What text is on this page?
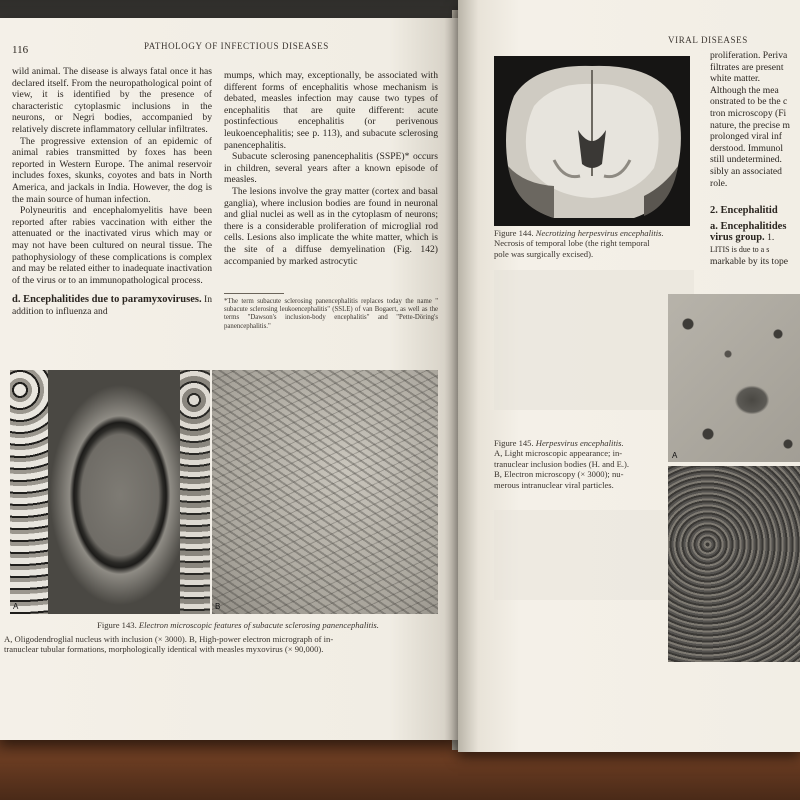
116	PATHOLOGY OF INFECTIOUS DISEASES

wild animal. The disease is always fatal once it has declared itself. From the neuropathological point of view, it is identified by the presence of characteristic cytoplasmic inclusions in the neurons, or Negri bodies, accompanied by relatively discrete inflammatory cellular infiltrates.

The progressive extension of an epidemic of animal rabies transmitted by foxes has been reported in Western Europe. The animal reservoir includes foxes, skunks, coyotes and bats in North America, and jackals in India. However, the dog is the main source of human infection.

Polyneuritis and encephalomyelitis have been reported after rabies vaccination with either the attenuated or the inactivated virus which may or may not have been cultured on neural tissue. The pathophysiology of these complications is complex and may be related either to inadequate inactivation of the virus or to an immunopathological process.

d. Encephalitides due to paramyxoviruses. In addition to influenza and

mumps, which may, exceptionally, be associated with different forms of encephalitis whose mechanism is debated, measles infection may cause two types of encephalitis that are quite different: acute postinfectious encephalitis (or perivenous leukoencephalitis; see p. 113), and subacute sclerosing panencephalitis.

Subacute sclerosing panencephalitis (SSPE)* occurs in children, several years after a known episode of measles.

The lesions involve the gray matter (cortex and basal ganglia), where inclusion bodies are found in neuronal and glial nuclei as well as in the cytoplasm of neurons; there is a considerable proliferation of microglial rod cells. Lesions also implicate the white matter, which is the site of a diffuse demyelination (Fig. 142) accompanied by marked astrocytic

*The term subacute sclerosing panencephalitis replaces today the name " subacute sclerosing leukoencephalitis" (SSLE) of van Bogaert, as well as the terms "Dawson's inclusion-body encephalitis" and "Pette-Döring's panencephalitis."
A	B
Figure 143. Electron microscopic features of subacute sclerosing panencephalitis.
A, Oligodendroglial nucleus with inclusion (× 3000). B, High-power electron micrograph of in-
tranuclear tubular formations, morphologically identical with measles myxovirus (× 90,000).
VIRAL DISEASES
Figure 144. Necrotizing herpesvirus encephalitis.
Necrosis of temporal lobe (the right temporal
pole was surgically excised).
proliferation. Periva
filtrates are present
white matter.
Although the mea
onstrated to be the c
tron microscopy (Fi
nature, the precise m
prolonged viral inf
derstood. Immunol
still undetermined.
sibly an associated
role.
2. Encephalitid
a. Encephalitides
virus group. 1.
LITIS is due to a s
markable by its tope
Figure 145. Herpesvirus encephalitis.
A, Light microscopic appearance; in-
tranuclear inclusion bodies (H. and E.).
B, Electron microscopy (× 3000); nu-
merous intranuclear viral particles.
A
